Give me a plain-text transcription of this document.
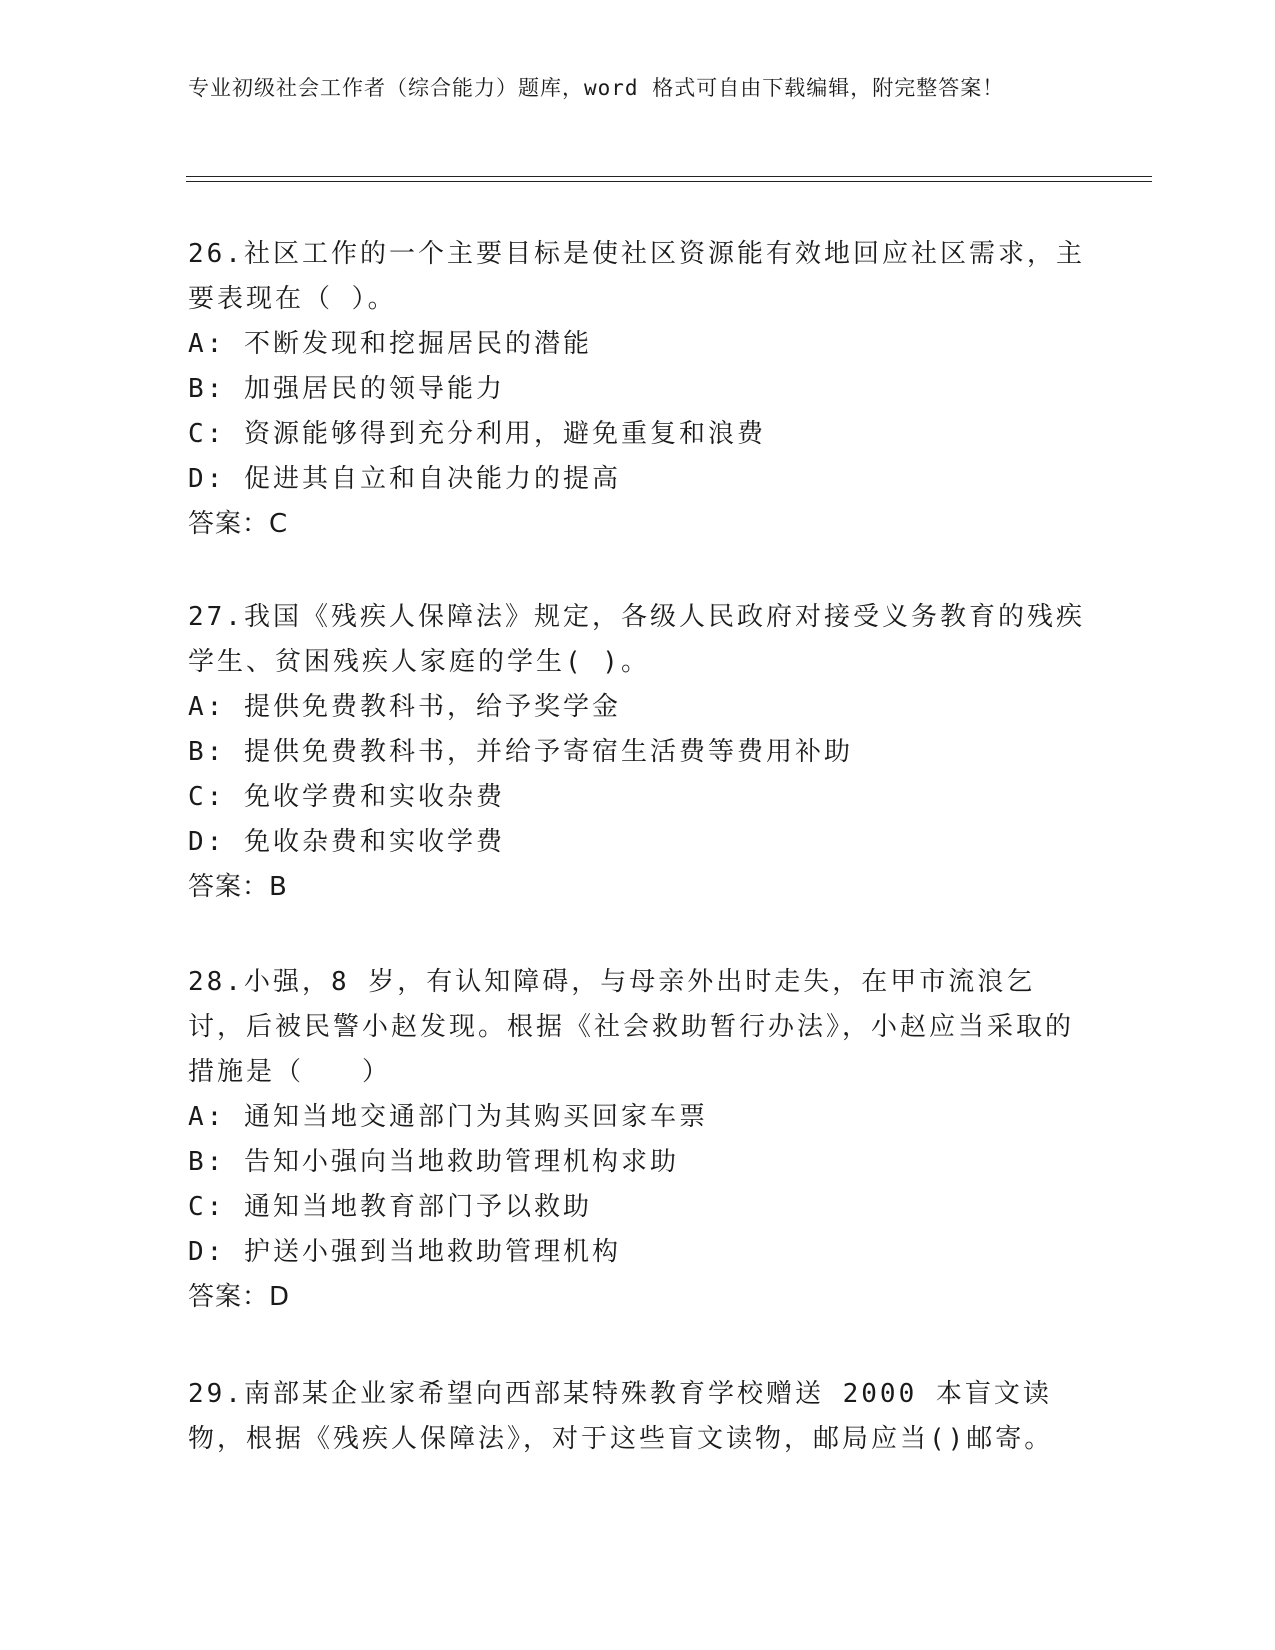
专业初级社会工作者（综合能力）题库，word 格式可自由下载编辑，附完整答案！

26.社区工作的一个主要目标是使社区资源能有效地回应社区需求，主要表现在（ ）。

A: 不断发现和挖掘居民的潜能

B: 加强居民的领导能力

C: 资源能够得到充分利用，避免重复和浪费

D: 促进其自立和自决能力的提高

答案：C

27.我国《残疾人保障法》规定，各级人民政府对接受义务教育的残疾学生、贫困残疾人家庭的学生( )。

A: 提供免费教科书，给予奖学金

B: 提供免费教科书，并给予寄宿生活费等费用补助

C: 免收学费和实收杂费

D: 免收杂费和实收学费

答案：B

28.小强，8 岁，有认知障碍，与母亲外出时走失，在甲市流浪乞讨，后被民警小赵发现。根据《社会救助暂行办法》，小赵应当采取的措施是（　　）

A: 通知当地交通部门为其购买回家车票

B: 告知小强向当地救助管理机构求助

C: 通知当地教育部门予以救助

D: 护送小强到当地救助管理机构

答案：D

29.南部某企业家希望向西部某特殊教育学校赠送 2000 本盲文读物，根据《残疾人保障法》，对于这些盲文读物，邮局应当()邮寄。
